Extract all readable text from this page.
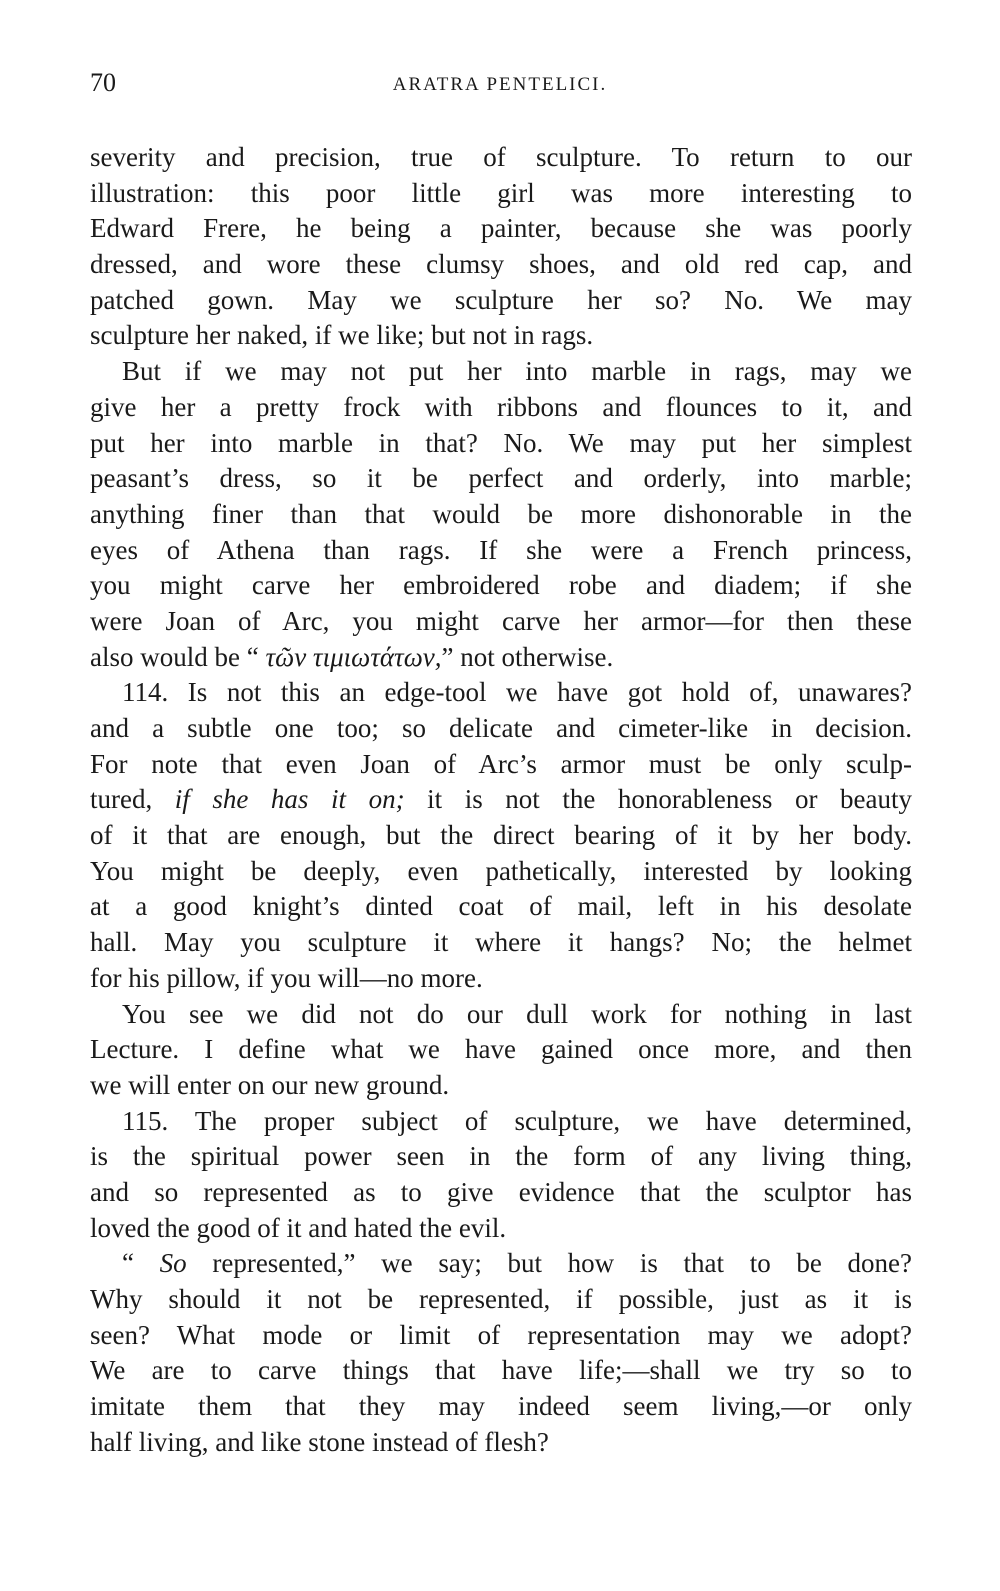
70	ARATRA PENTELICI.
severity and precision, true of sculpture. To return to our
illustration: this poor little girl was more interesting to
Edward Frere, he being a painter, because she was poorly
dressed, and wore these clumsy shoes, and old red cap, and
patched gown. May we sculpture her so? No. We may
sculpture her naked, if we like; but not in rags.
But if we may not put her into marble in rags, may we
give her a pretty frock with ribbons and flounces to it, and
put her into marble in that? No. We may put her simplest
peasant’s dress, so it be perfect and orderly, into marble;
anything finer than that would be more dishonorable in the
eyes of Athena than rags. If she were a French princess,
you might carve her embroidered robe and diadem; if she
were Joan of Arc, you might carve her armor—for then these
also would be “ τῶν τιμιωτάτων,” not otherwise.
114. Is not this an edge-tool we have got hold of, unawares?
and a subtle one too; so delicate and cimeter-like in decision.
For note that even Joan of Arc’s armor must be only sculp-
tured, if she has it on; it is not the honorableness or beauty
of it that are enough, but the direct bearing of it by her body.
You might be deeply, even pathetically, interested by looking
at a good knight’s dinted coat of mail, left in his desolate
hall. May you sculpture it where it hangs? No; the helmet
for his pillow, if you will—no more.
You see we did not do our dull work for nothing in last
Lecture. I define what we have gained once more, and then
we will enter on our new ground.
115. The proper subject of sculpture, we have determined,
is the spiritual power seen in the form of any living thing,
and so represented as to give evidence that the sculptor has
loved the good of it and hated the evil.
“ So represented,” we say; but how is that to be done?
Why should it not be represented, if possible, just as it is
seen? What mode or limit of representation may we adopt?
We are to carve things that have life;—shall we try so to
imitate them that they may indeed seem living,—or only
half living, and like stone instead of flesh?
